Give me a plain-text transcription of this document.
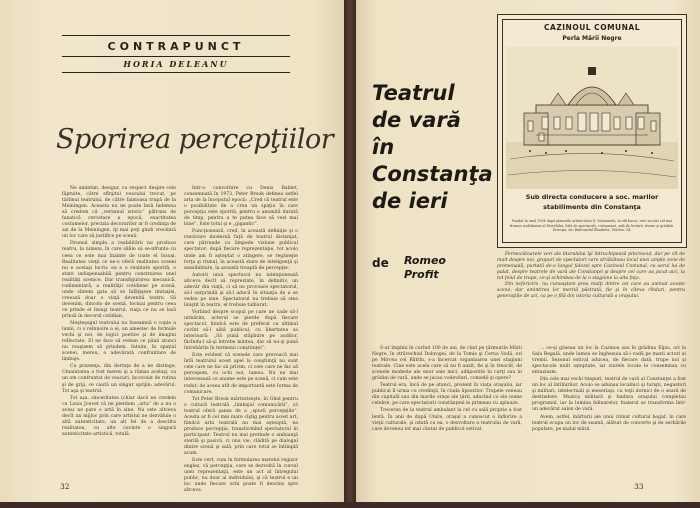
CONTRAPUNCT
HORIA DELEANU
Sporirea percepţiilor

Ne amintim, desigur, cu respect despre cele făptuite, către sfîrşitul veacului trecut, pe tărîmul teatrului, de către faimoasa trupă de la Meiningen. Aceasta nu ne poate însă îndemna să credem că „verismul istoric” pătruns de fanatică cercetare a epocii, exactitatea costumelor, precizia decorurilor ar fi credinţa de azi de la Meiningen, iţi mai poţi gindi vreodată un loc care să justifice pe scenă.

Drumul simplu a reabilitării nu produce teatru, la nimeni, în care sălile să se-nfrunte cu ceea ce este mai înainte de toate el însuşi. Realitatea vieţii ce ne-o oferă realitatea scenei nu e acelaşi lucru: ea e o realitate sporită, o stare indispensabilă pentru construirea unei realităţi scenice. Dar transfigurarea mecanică, rudimentară, a realităţii cotidiene pe scenă, unde sîntem gata să se înfăţişeze imitaţiei, creează doar o viaţă devenită teatru. Să devenim, dincolo de scenă, tocmai pentru ceea ce prinde el însuşi teatrul, viaţa ce nu se lasă prinsă în decorul cotidian.

Meşteşugul teatrului nu înseamnă o copie a lumii, ci o reînnoire a ei, un amestec de formule vechi şi noi, de logici poetice şi de imagini reflectate. El ne face să vedem ce până atunci nu reuşisem să prindem. Intuim, în spaţiul scenei, mereu, o adevărată confruntare de limbaje.

Cu prezenţa, din dorinţa de a ne distinge, Umanitatea a fost mereu şi a rămas acelaşi, ca un om confruntat de veacuri, încovoiat de rutina şi de griji, ce caută un singur sprijin: adevărul. Tot aşa şi teatrul.

Tot aşa, sinceritatea (chiar dacă ne credem cu Louis Jouvet că ne pierdem „arta” de a nu o avea) ne pare o artă în sine. Nu este altceva decît un mijloc prin care artistul ne dezvăluie o altă autenticitate, un alt fel de a descifra realitatea, cu alte cuvinte o singură autenticitate artistică, totală.

Intr-o convorbire cu Denis Bablet, consemnată în 1973, Peter Brook definea astfel arta de la începutul epocii: „Cred că teatrul este o posibilitate de a crea un spaţiu în care percepţia este sporită, pentru o anumită durată de timp, pentru a te putea face să vezi mai bine”. Este totul şi e „gigantic”.

Funcţionează, cred, în această definiţie şi o rezolvare modernă faţă de teatrul distanţat, care pătrunde cu limpede viziune publicul spectator; după fiecare reprezentaţie, tot acolo unde am fi aşteptat o atingere, se regăseşte forţa şi ritmul, în această stare de inteligenţă şi sensibilitate, la această treaptă de percepţie.

Autorii unui spectacol nu intenţionează altceva decît să reprezinte, în definitiv, un adevăr din viaţă, ci să ne provoace spectatorul, să-l surprindă şi să-l aducă în situaţia de a se vedea pe sine. Spectatorul nu trebuie să stea liniştit în teatru, el trebuie tulburat.

Vorbind despre scopul pe care ne cade să-l urmărim, actorul se pierde după fiecare spectacol, fiindcă este de preferat ca ultimul cuvînt să-l aibă publicul, cu libertatea sa interioară: „Să pună stăpînire pe auditor, făcîndu-l să-şi întrebe mintea, dar să nu-şi pună întrebările în termenii conştiinţei”.

Este evident că scenele care provoacă mai întîi teatrului acest apel la conştiinţă nu sunt cele care ne fac să privim, ci cele care ne fac să percepem, cu ochi noi, lumea. Nu ne mai interesează ce anume este pe scenă, ci cum este redat; de aceea atît de importantă este forma de comunicare.

Tot Peter Brook mărturiseşte, în Ghid pentru o cultură teatrală „limbajul comunicării”, că teatrul oferă şansa de a „sporii percepţiile”. Acesta ar fi cel mai mare cîştig pentru acest art, fiindcă arta teatrală nu mai aşteaptă, ea produce percepţia, transformînd spectatorul în participant. Teatrul nu mai pretinde o ambianţă sterilă şi pasivă, ci una vie, clădită pe dialogul dintre scenă şi sală, prin care totul se întîmplă acum.

Este cert, cum în formularea marelui regizor englez, că percepţia, care se dezvoltă în cursul unei reprezentaţii, este un act al întregului public, nu doar al individului, şi că teatrul e un loc unde fiecare ochi poate fi deschis spre altceva.

32
Teatrul
de vară
în
Constanţa
de ieri
de Romeo
Profit
CAZINOUL COMUNAL
Perla Mării Negre
Sub directa conducere a soc. marilor
stabilimente din Constanţa
Fondat în anul 1904 după planurile arhitectului D. Maimarolu, în stil baroc, este socotit cel mai frumos stabiliment al litoralului. Sală de spectacole, restaurant, sală de lectură, terase şi grădină. Direcţia: str. Bulevardul Elisabeta. Telefon: 54.

Fermecătoarele veri ale litoralului îşi întruchipează pitorescul, dar pe cît de mult despre noi, grupuri de spectatori care străbăteau locul unei ample zone de promenadă, purtată de-a lungul falezei spre Cazinoul Comunal, cu aerul lui de palat, despre teatrele de vară ale Constanţei şi despre cei care au jucat aici, la tot felul de trupe, ce-şi schimbau de la o stagiune la alta faţa.

Din nefericire, nu cunoaştem prea mulţi dintre cei care au animat aceste scene, dar amintirea lor merită păstrată, fie şi în cîteva rînduri, pentru generaţiile de azi, ca pe o filă din istoria culturală a oraşului.

S-ar împlini în curînd 100 de ani, de cînd pe ţărmurile Mării Negre, în străvechiul Dobrogei, de la Tomis şi Cerna Vodă, ori pe Mircea cel Bătrîn, s-a încercat organizarea unei stagiuni teatrale. Cine este acela care să nu fi auzit, fie şi în treacăt, de scenele modeste ale unor sale mici, adăpostite în curţi sau în grădini de vară, unde se jucau vodeviluri, comedii şi opere?

Teatrul era, încă de pe atunci, prezent în viaţa oraşului, iar publicul îl urma cu credinţă, în ciuda lipsurilor. Trupele veneau din capitală sau din marile oraşe ale ţării, aducînd cu ele nume celebre, pe care spectatorii constănţeni le primeau cu aplauze.

Trecerea de la teatrul ambulant la cel cu sală proprie a fost lentă. În anii de după Unire, oraşul a cunoscut o înflorire a vieţii culturale, şi odată cu ea, o dezvoltare a teatrului de vară, care devenea tot mai căutat de publicul estival.

... ce-şi găseau un loc la Cazinou sau în grădina Elpis, ori la Sala Regală, unde lumea se înghesuia să-i vadă pe marii actori ai vremii. Sezonul estival aducea, de fiecare dată, trupe noi şi spectacole mult aşteptate, iar ziarele locale le consemnau cu entuziasm.

Din cele mai vechi timpuri, teatrul de vară al Constanţei a fost un loc al întîlnirilor. Acolo se adunau localnici şi turişti, negustori şi militari, intelectuali şi meseriaşi, cu toţii dornici de o seară de destindere. Muzica militară şi fanfara oraşului completau programul, iar la lumina felinarelor, foaierul se transforma într-un adevărat salon de vară.

Avem, astfel, mărturii ale unui climat cultural bogat, în care teatrul ocupa un loc de seamă, alături de concerte şi de serbările populare, pe malul mării.

33
